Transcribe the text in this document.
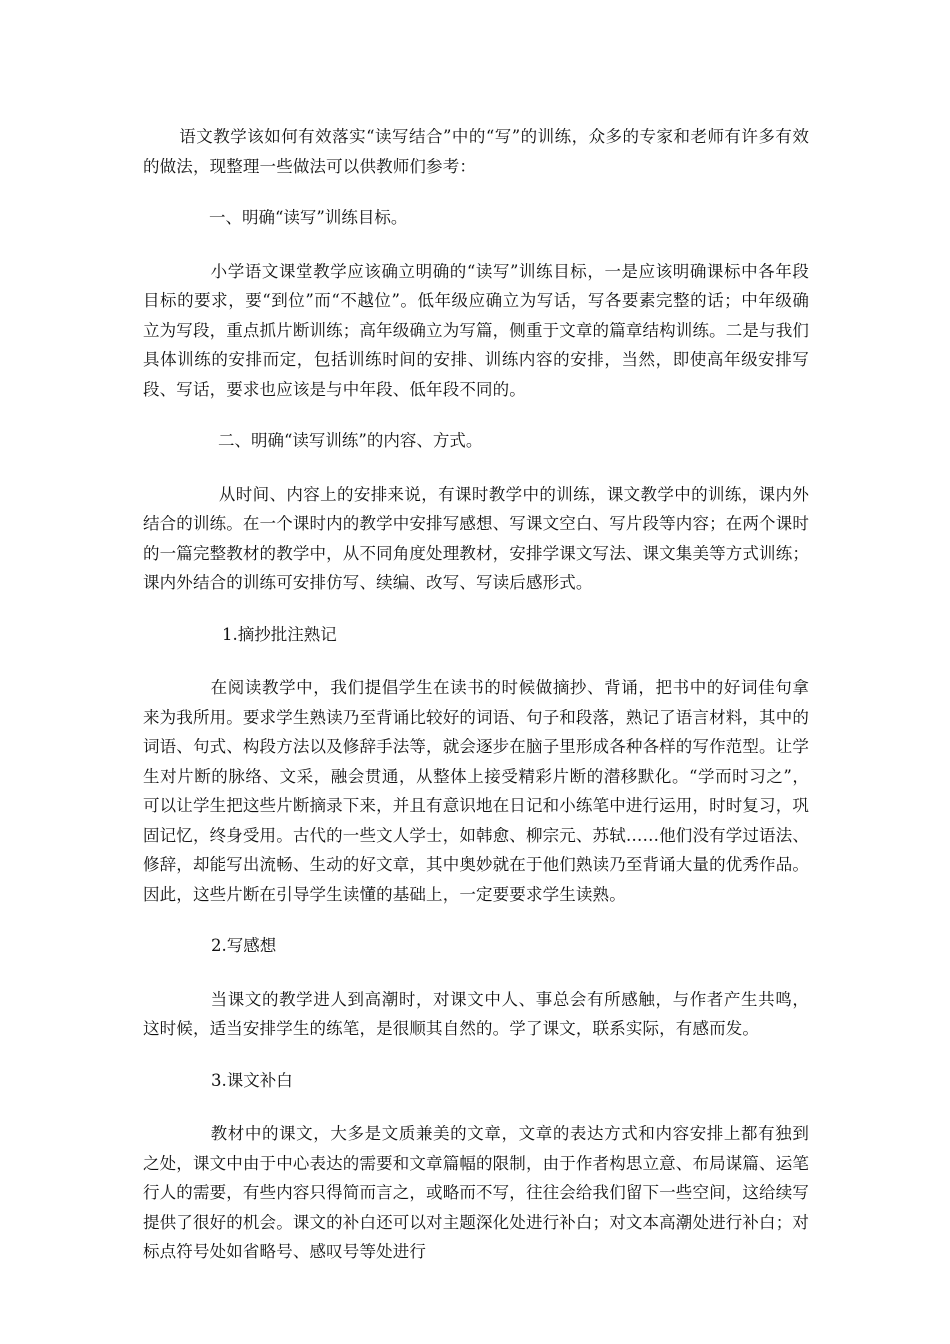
语文教学该如何有效落实“读写结合”中的“写”的训练，众多的专家和老师有许多有效的做法，现整理一些做法可以供教师们参考：

一、明确“读写”训练目标。

小学语文课堂教学应该确立明确的“读写”训练目标，一是应该明确课标中各年段目标的要求，要“到位”而“不越位”。低年级应确立为写话，写各要素完整的话；中年级确立为写段，重点抓片断训练；高年级确立为写篇，侧重于文章的篇章结构训练。二是与我们具体训练的安排而定，包括训练时间的安排、训练内容的安排，当然，即使高年级安排写段、写话，要求也应该是与中年段、低年段不同的。

二、明确“读写训练”的内容、方式。

从时间、内容上的安排来说，有课时教学中的训练，课文教学中的训练，课内外结合的训练。在一个课时内的教学中安排写感想、写课文空白、写片段等内容；在两个课时的一篇完整教材的教学中，从不同角度处理教材，安排学课文写法、课文集美等方式训练；课内外结合的训练可安排仿写、续编、改写、写读后感形式。

1.摘抄批注熟记

在阅读教学中，我们提倡学生在读书的时候做摘抄、背诵，把书中的好词佳句拿来为我所用。要求学生熟读乃至背诵比较好的词语、句子和段落，熟记了语言材料，其中的词语、句式、构段方法以及修辞手法等，就会逐步在脑子里形成各种各样的写作范型。让学生对片断的脉络、文采，融会贯通，从整体上接受精彩片断的潜移默化。“学而时习之”，可以让学生把这些片断摘录下来，并且有意识地在日记和小练笔中进行运用，时时复习，巩固记忆，终身受用。古代的一些文人学士，如韩愈、柳宗元、苏轼……他们没有学过语法、修辞，却能写出流畅、生动的好文章，其中奥妙就在于他们熟读乃至背诵大量的优秀作品。因此，这些片断在引导学生读懂的基础上，一定要要求学生读熟。

2.写感想

当课文的教学进人到高潮时，对课文中人、事总会有所感触，与作者产生共鸣，这时候，适当安排学生的练笔，是很顺其自然的。学了课文，联系实际，有感而发。

3.课文补白

教材中的课文，大多是文质兼美的文章，文章的表达方式和内容安排上都有独到之处，课文中由于中心表达的需要和文章篇幅的限制，由于作者构思立意、布局谋篇、运笔行人的需要，有些内容只得简而言之，或略而不写，往往会给我们留下一些空间，这给续写提供了很好的机会。课文的补白还可以对主题深化处进行补白；对文本高潮处进行补白；对标点符号处如省略号、感叹号等处进行
